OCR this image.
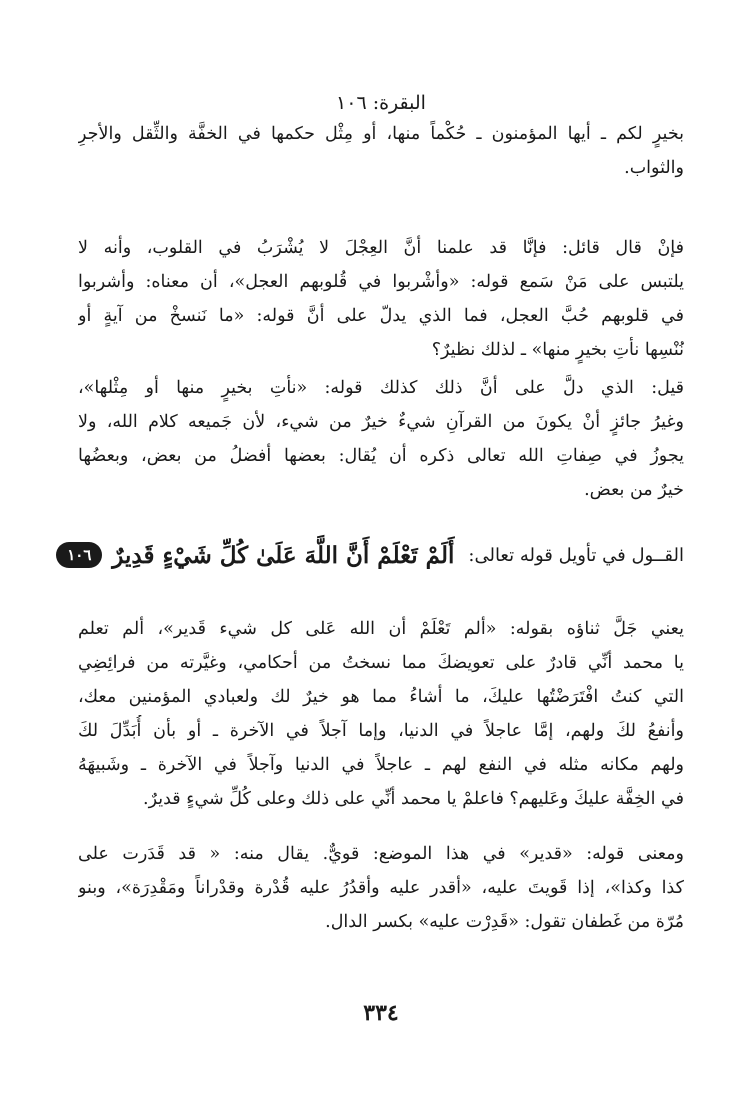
البقرة: ١٠٦
بخيرٍ لكم ـ أيها المؤمنون ـ حُكْماً منها، أو مِثْل حكمها في الخفَّة والثِّقل والأجرِ
والثواب.
فإنْ قال قائل: فإنَّا قد علمنا أنَّ العِجْلَ لا يُشْرَبُ في القلوب، وأنه لا
يلتبس على مَنْ سَمع قوله: «وأشْربوا في قُلوبهم العجل»، أن معناه: وأشربوا
في قلوبهم حُبَّ العجل، فما الذي يدلّ على أنَّ قوله: «ما نَنسخْ من آيةٍ أو
نُنْسِها نأتِ بخيرٍ منها» ـ لذلك نظيرٌ؟
قيل: الذي دلَّ على أنَّ ذلك كذلك قوله: «نأتِ بخيرٍ منها أو مِثْلها»،
وغيرُ جائزٍ أنْ يكونَ من القرآنِ شيءٌ خيرٌ من شيء، لأن جَميعه كلام الله، ولا
يجوزُ في صِفاتِ الله تعالى ذكره أن يُقال: بعضها أفضلُ من بعض، وبعضُها
خيرٌ من بعض.
القــول في تأويل قوله تعالى:
أَلَمْ تَعْلَمْ أَنَّ اللَّهَ عَلَىٰ كُلِّ شَيْءٍ قَدِيرٌ
١٠٦
يعني جَلَّ ثناؤه بقوله: «ألم تَعْلَمْ أن الله عَلى كل شيء قَدير»، ألم تعلم
يا محمد أنِّي قادرٌ على تعويضكَ مما نسختُ من أحكامي، وغيَّرته من فرائِضِي
التي كنتُ افْتَرَضْتُها عليكَ، ما أشاءُ مما هو خيرٌ لك ولعبادي المؤمنين معك،
وأنفعُ لكَ ولهم، إمَّا عاجلاً في الدنيا، وإما آجلاً في الآخرة ـ أو بأن أُبَدِّلَ لكَ
ولهم مكانه مثله في النفع لهم ـ عاجلاً في الدنيا وآجلاً في الآخرة ـ وشَبيهَهُ
في الخِفَّة عليكَ وعَليهم؟ فاعلمْ يا محمد أنِّي على ذلك وعلى كُلِّ شيءٍ قديرٌ.
ومعنى قوله: «قدير» في هذا الموضع: قويٌّ. يقال منه: « قد قَدَرت على
كذا وكذا»، إذا قَويتَ عليه، «أقدر عليه وأقدُرُ عليه قُدْرة وقدْراناً ومَقْدِرَة»، وبنو
مُرّة من غَطفان تقول: «قَدِرْت عليه» بكسر الدال.
٣٣٤
